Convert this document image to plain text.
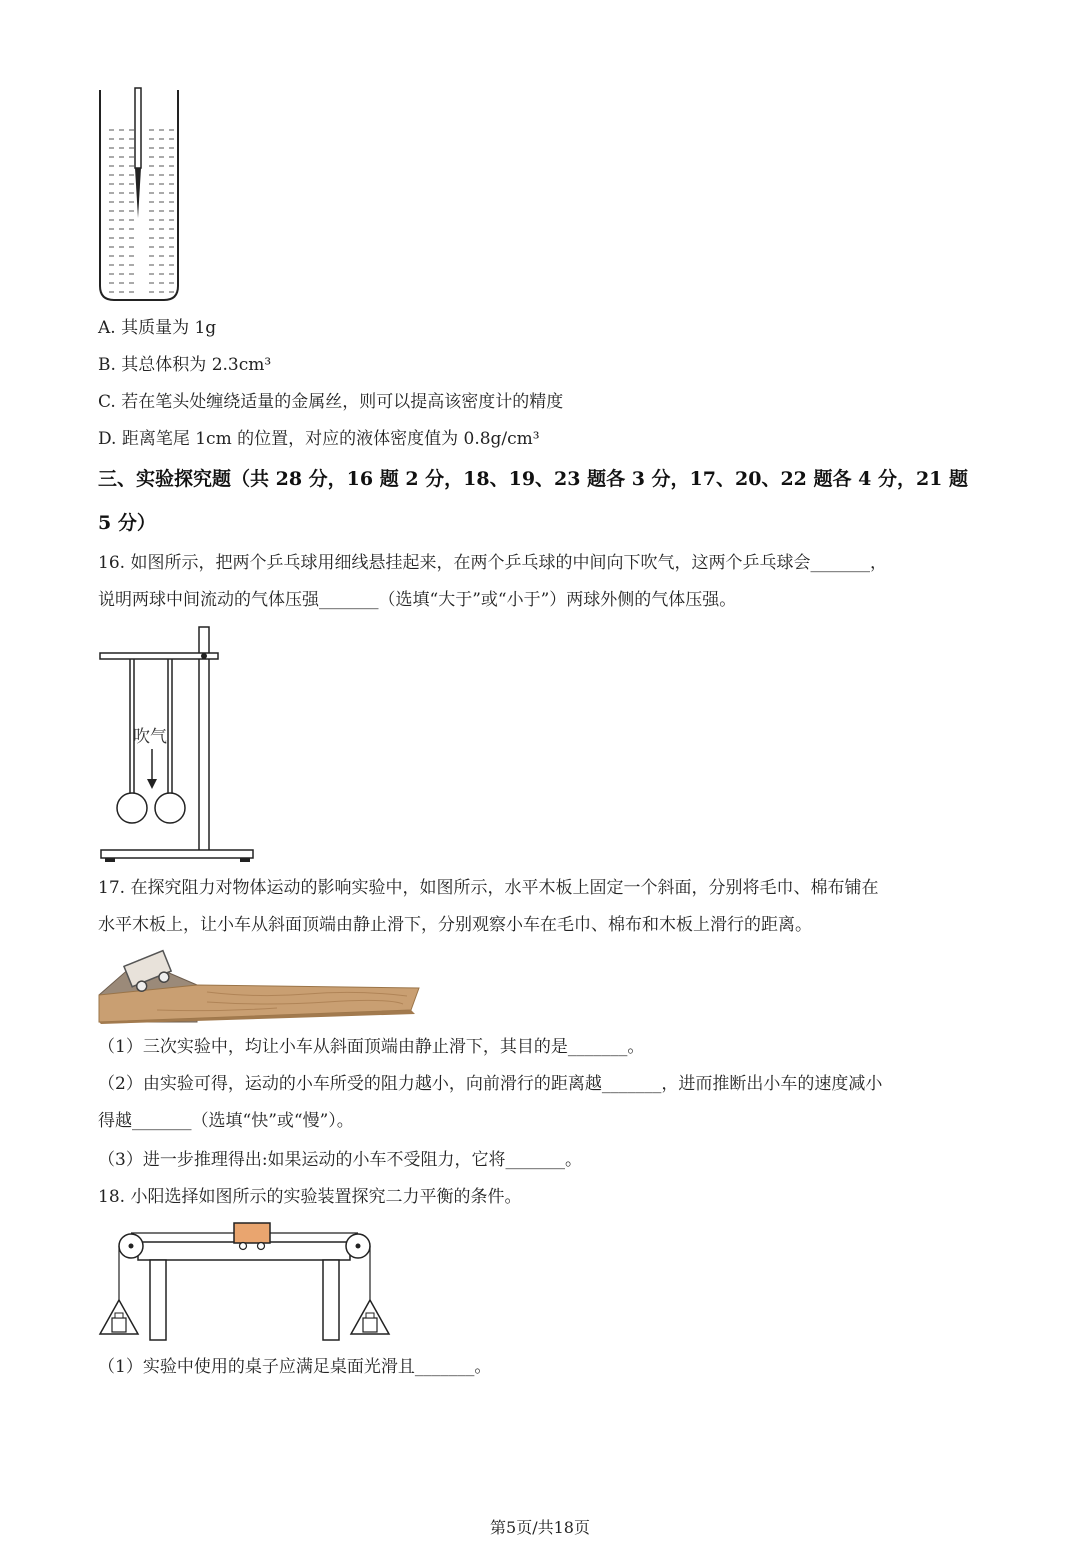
A. 其质量为 1g
B. 其总体积为 2.3cm³
C. 若在笔头处缠绕适量的金属丝，则可以提高该密度计的精度
D. 距离笔尾 1cm 的位置，对应的液体密度值为 0.8g/cm³
三、实验探究题（共 28 分，16 题 2 分，18、19、23 题各 3 分，17、20、22 题各 4 分，21 题
5 分）
16. 如图所示，把两个乒乓球用细线悬挂起来，在两个乒乓球的中间向下吹气，这两个乒乓球会_______，
说明两球中间流动的气体压强_______（选填“大于”或“小于”）两球外侧的气体压强。
吹气
17. 在探究阻力对物体运动的影响实验中，如图所示，水平木板上固定一个斜面，分别将毛巾、棉布铺在
水平木板上，让小车从斜面顶端由静止滑下，分别观察小车在毛巾、棉布和木板上滑行的距离。
（1）三次实验中，均让小车从斜面顶端由静止滑下，其目的是_______。
（2）由实验可得，运动的小车所受的阻力越小，向前滑行的距离越_______，进而推断出小车的速度减小
得越_______（选填“快”或“慢”）。
（3）进一步推理得出:如果运动的小车不受阻力，它将_______。
18. 小阳选择如图所示的实验装置探究二力平衡的条件。
（1）实验中使用的桌子应满足桌面光滑且_______。
第5页/共18页
